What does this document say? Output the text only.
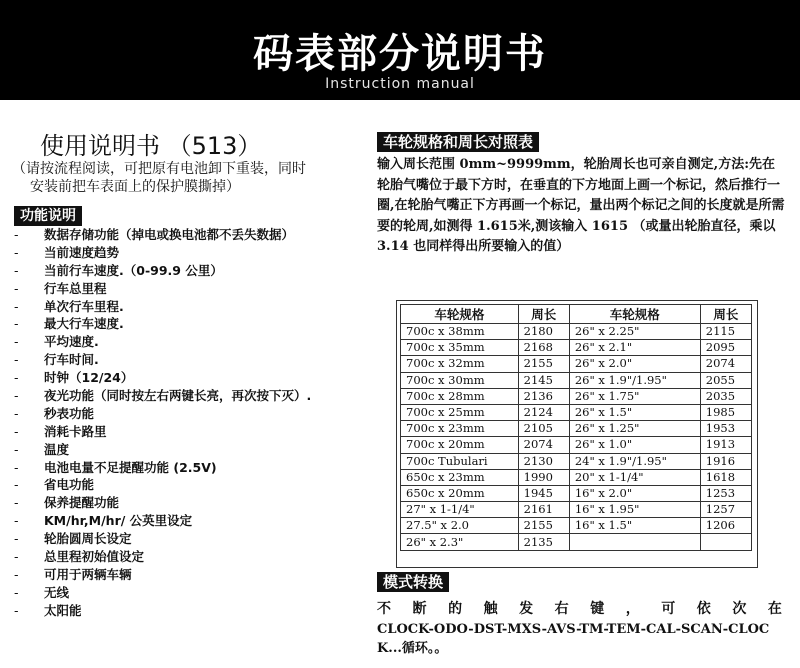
码表部分说明书
Instruction manual
使用说明书 （513）
（请按流程阅读，可把原有电池卸下重装，同时
安装前把车表面上的保护膜撕掉）
功能说明
- 数据存储功能（掉电或换电池都不丢失数据）
- 当前速度趋势
- 当前行车速度.（0-99.9 公里）
- 行车总里程
- 单次行车里程.
- 最大行车速度.
- 平均速度.
- 行车时间.
- 时钟（12/24）
- 夜光功能（同时按左右两键长亮，再次按下灭）.
- 秒表功能
- 消耗卡路里
- 温度
- 电池电量不足提醒功能 (2.5V)
- 省电功能
- 保养提醒功能
- KM/hr,M/hr/ 公英里设定
- 轮胎圆周长设定
- 总里程初始值设定
- 可用于两辆车辆
- 无线
- 太阳能
车轮规格和周长对照表
输入周长范围 0mm~9999mm，轮胎周长也可亲自测定,方法:先在轮胎气嘴位于最下方时，在垂直的下方地面上画一个标记，然后推行一圈,在轮胎气嘴正下方再画一个标记，量出两个标记之间的长度就是所需要的轮周,如测得 1.615米,测该输入 1615 （或量出轮胎直径，乘以 3.14 也同样得出所要输入的值）
车轮规格	周长	车轮规格	周长
700c x 38mm	2180	26" x 2.25"	2115
700c x 35mm	2168	26" x 2.1"	2095
700c x 32mm	2155	26" x 2.0"	2074
700c x 30mm	2145	26" x 1.9"/1.95"	2055
700c x 28mm	2136	26" x 1.75"	2035
700c x 25mm	2124	26" x 1.5"	1985
700c x 23mm	2105	26" x 1.25"	1953
700c x 20mm	2074	26" x 1.0"	1913
700c Tubulari	2130	24" x 1.9"/1.95"	1916
650c x 23mm	1990	20" x 1-1/4"	1618
650c x 20mm	1945	16" x 2.0"	1253
27" x 1-1/4"	2161	16" x 1.95"	1257
27.5" x 2.0	2155	16" x 1.5"	1206
26" x 2.3"	2135		
模式转换
不 断 的 触 发 右 键 ， 可 依 次 在
CLOCK-ODO-DST-MXS-AVS-TM-TEM-CAL-SCAN-CLOCK...循环。。
